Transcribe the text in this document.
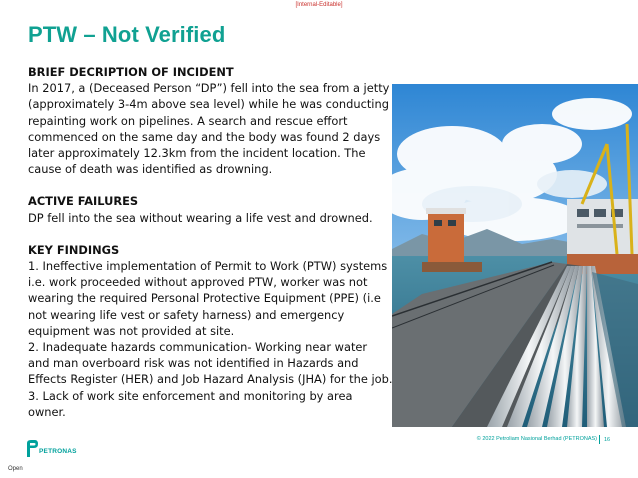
[Internal-Editable]
PTW – Not Verified
BRIEF DECRIPTION OF INCIDENT
In 2017, a (Deceased Person “DP”) fell into the sea from a jetty
(approximately 3-4m above sea level) while he was conducting
repainting work on pipelines. A search and rescue effort
commenced on the same day and the body was found 2 days
later approximately 12.3km from the incident location. The
cause of death was identified as drowning.
ACTIVE FAILURES
DP fell into the sea without wearing a life vest and drowned.
KEY FINDINGS
1. Ineffective implementation of Permit to Work (PTW) systems
i.e. work proceeded without approved PTW, worker was not
wearing the required Personal Protective Equipment (PPE) (i.e
not wearing life vest or safety harness) and emergency
equipment was not provided at site.
2. Inadequate hazards communication- Working near water
and man overboard risk was not identified in Hazards and
Effects Register (HER) and Job Hazard Analysis (JHA) for the job.
3. Lack of work site enforcement and monitoring by area
owner.
PETRONAS
© 2022 Petroliam Nasional Berhad (PETRONAS) 16
Open
